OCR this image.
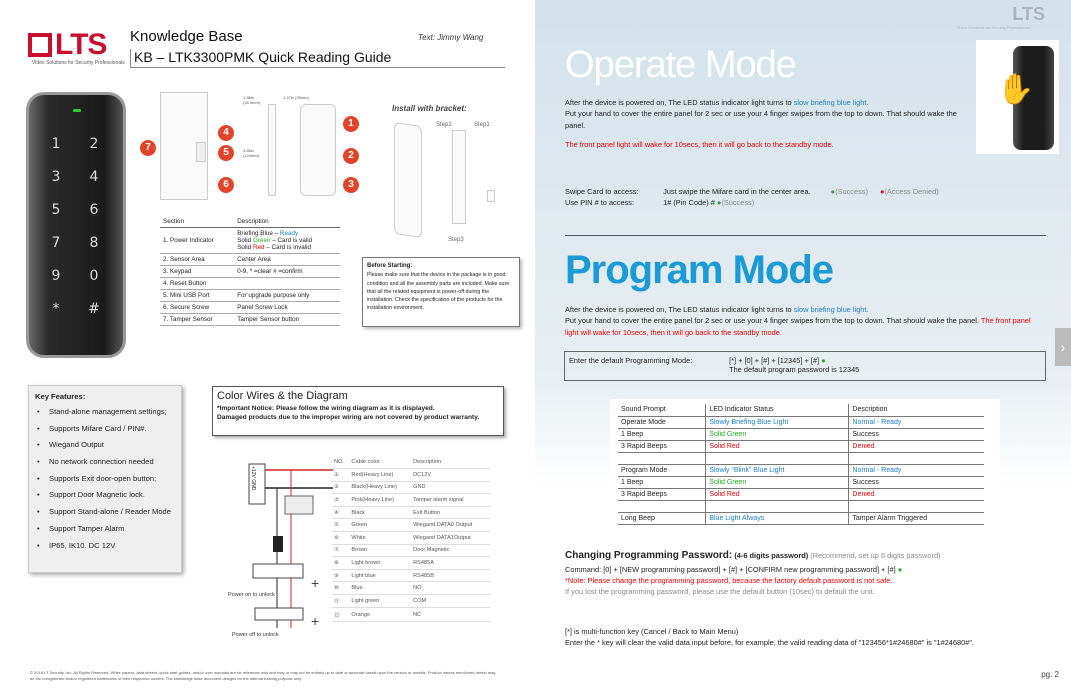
LTS
Video Solutions for Security Professionals
Knowledge Base
KB – LTK3300PMK Quick Reading Guide
Text: Jimmy Wang
1 2 3 4 5 6 7 8 9 0 * #
7
4
5
6
1.38in (34.9mm)
1.37in (35mm)
4.88in (124mm)
1
2
3
Install with bracket:
Step2	Step1
Step3
Section	Description
1. Power Indicator	Briefing Blue – Ready
Solid Green – Card is valid
Solid Red – Card is invalid

2. Sensor Area	Center Area
3. Keypad	0-9, * =clear # =confirm
4. Reset Button	
5. Mini USB Port	For upgrade purpose only
6. Secure Screw	Panel Screw Lock
7. Tamper Sensor	Tamper Sensor button
Before Starting:
Please make sure that the device in the package is in good condition and all the assembly parts are included. Make sure that all the related equipment is power-off during the installation. Check the specification of the products for the installation environment.
Key Features:
• Stand-alone management settings;
• Supports Mifare Card / PIN#.
• Wiegand Output
• No network connection needed
• Supports Exit door-open button;
• Support Door Magnetic lock.
• Support Stand-alone / Reader Mode
• Support Tamper Alarm
• IP65, IK10. DC 12V
Color Wires & the Diagram
*Important Notice: Please follow the wiring diagram as it is displayed.
Damaged products due to the improper wiring are not covered by product warranty.
+
+
+12V GND
Power on to unlock
Power off to unlock
NO.	Cable color	Description
①	Red(Heavy Line)	DC12V
②	Black(Heavy Line)	GND
③	Pink(Heavy Line)	Tamper alarm signal
④	Black	Exit Button
⑤	Green	Wiegand DATA0 Output
⑥	White	Wiegand DATA1Output
⑦	Brown	Door Magnetic
⑧	Light brown	RS485A
⑨	Light blue	RS485B
⑩	Blue	NO
⑪	Light green	COM
⑫	Orange	NC
© 2018 LT Security, Inc. All Rights Reserved. White papers, data sheets, quick start guides, and/or user manuals are for reference only and may or may not be entirely up to date or accurate based upon the version or models. Product names mentioned herein may be the unregistered and/or registered trademarks of their respective owners. The knowledge base document designs for the internal training purpose only.
LTS
Video Solutions for Security Professionals
Operate Mode
✋
After the device is powered on, The LED status indicator light turns to slow briefing blue light.
Put your hand to cover the entire panel for 2 sec or use your 4 finger swipes from the top to down. That should wake the panel.
The front panel light will wake for 10secs, then it will go back to the standby mode.
Swipe Card to access:	Just swipe the Mifare card in the center area.	●(Success) ●(Access Denied)
Use PIN # to access:	1# (Pin Code) # ●(Success)
Program Mode
After the device is powered on, The LED status indicator light turns to slow briefing blue light.
Put your hand to cover the entire panel for 2 sec or use your 4 finger swipes from the top to down. That should wake the panel. The front panel light will wake for 10secs, then it will go back to the standby mode.
Enter the default Programming Mode:	[*] + [0] + [#] + [12345] + [#] ●
The default program password is 12345
Sound Prompt	LED Indicator Status	Description
Operate Mode	Slowly Briefing Blue Light	Normal - Ready
1 Beep	Solid Green	Success
3 Rapid Beeps	Solid Red	Denied

Program Mode	Slowly “Blink” Blue Light	Normal - Ready
1 Beep	Solid Green	Success
3 Rapid Beeps	Solid Red	Denied

Long Beep	Blue Light Always	Tamper Alarm Triggered
Changing Programming Password: (4-6 digits password) (Recommend, set up 6 digits password)
Command: [0] + [NEW programming password] + [#] + [CONFIRM new programming password] + [#] ●
*Note: Please change the programming password, because the factory default password is not safe.
If you lost the programming password, please use the default button (10sec) to default the unit.
[*] is multi-function key (Cancel / Back to Main Menu)
Enter the * key will clear the valid data input before, for example, the valid reading data of "123456*1#24680#" is "1#24680#".
pg. 2
›
